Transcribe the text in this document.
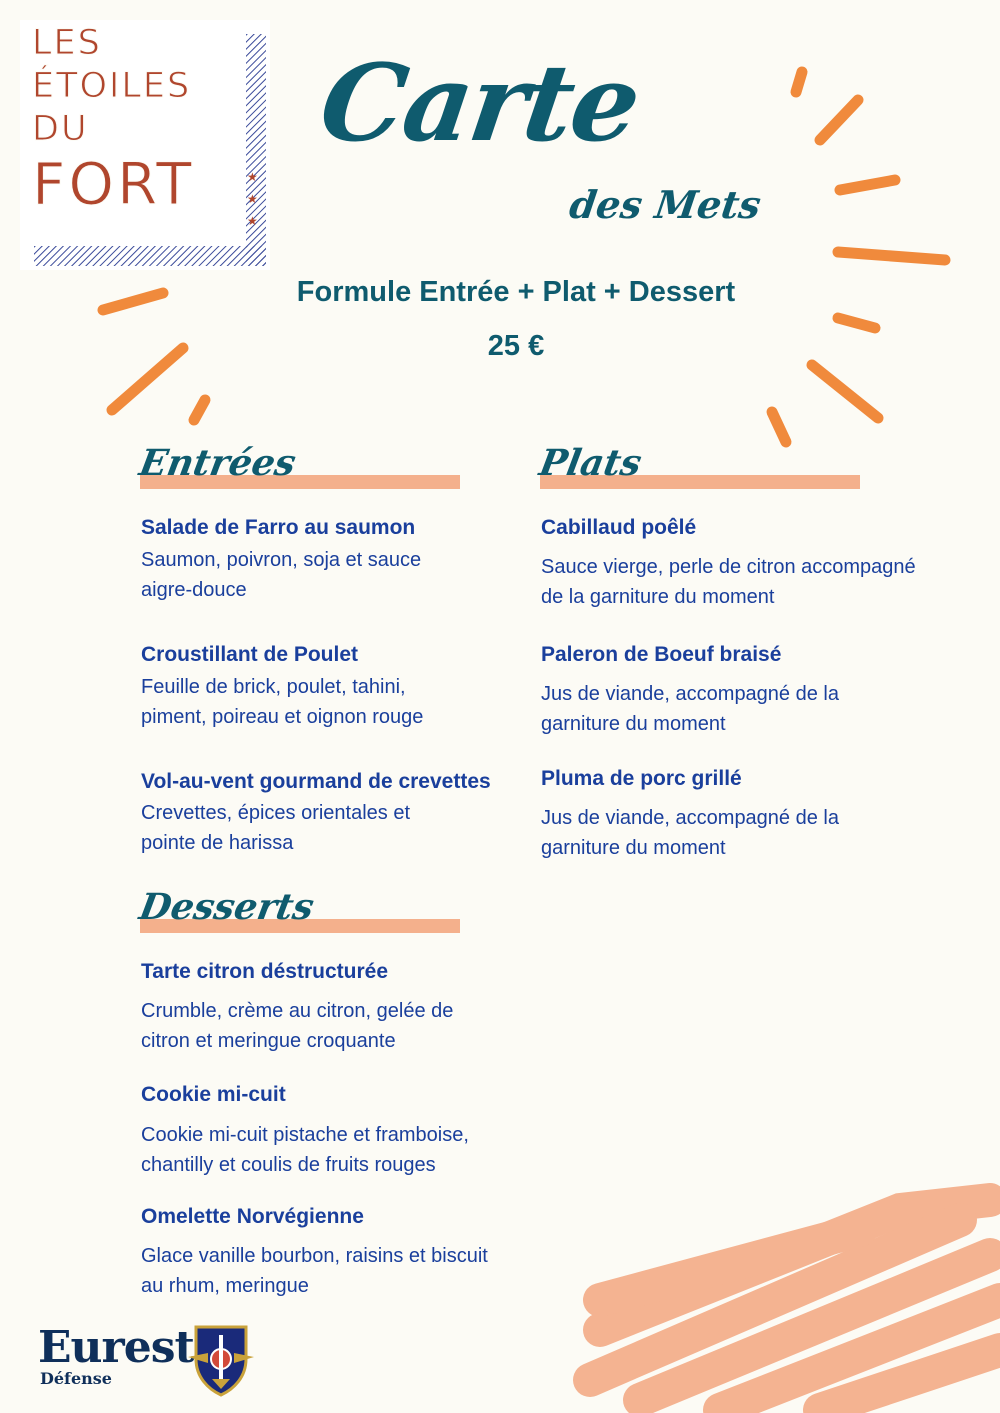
LES
ÉTOILES
DU
FORT	★
★
★
Carte
des Mets
Formule Entrée + Plat + Dessert
25 €
Entrées
Salade de Farro au saumon
Saumon, poivron, soja et sauce aigre-douce
Croustillant de Poulet
Feuille de brick, poulet, tahini, piment, poireau et oignon rouge
Vol-au-vent gourmand de crevettes
Crevettes, épices orientales et pointe de harissa
Desserts
Tarte citron déstructurée
Crumble, crème au citron, gelée de citron et meringue croquante
Cookie mi-cuit
Cookie mi-cuit pistache et framboise, chantilly et coulis de fruits rouges
Omelette Norvégienne
Glace vanille bourbon, raisins et biscuit au rhum, meringue
Plats
Cabillaud poêlé
Sauce vierge, perle de citron accompagné de la garniture du moment
Paleron de Boeuf braisé
Jus de viande, accompagné de la garniture du moment
Pluma de porc grillé
Jus de viande, accompagné de la garniture du moment
Eurest
Défense
